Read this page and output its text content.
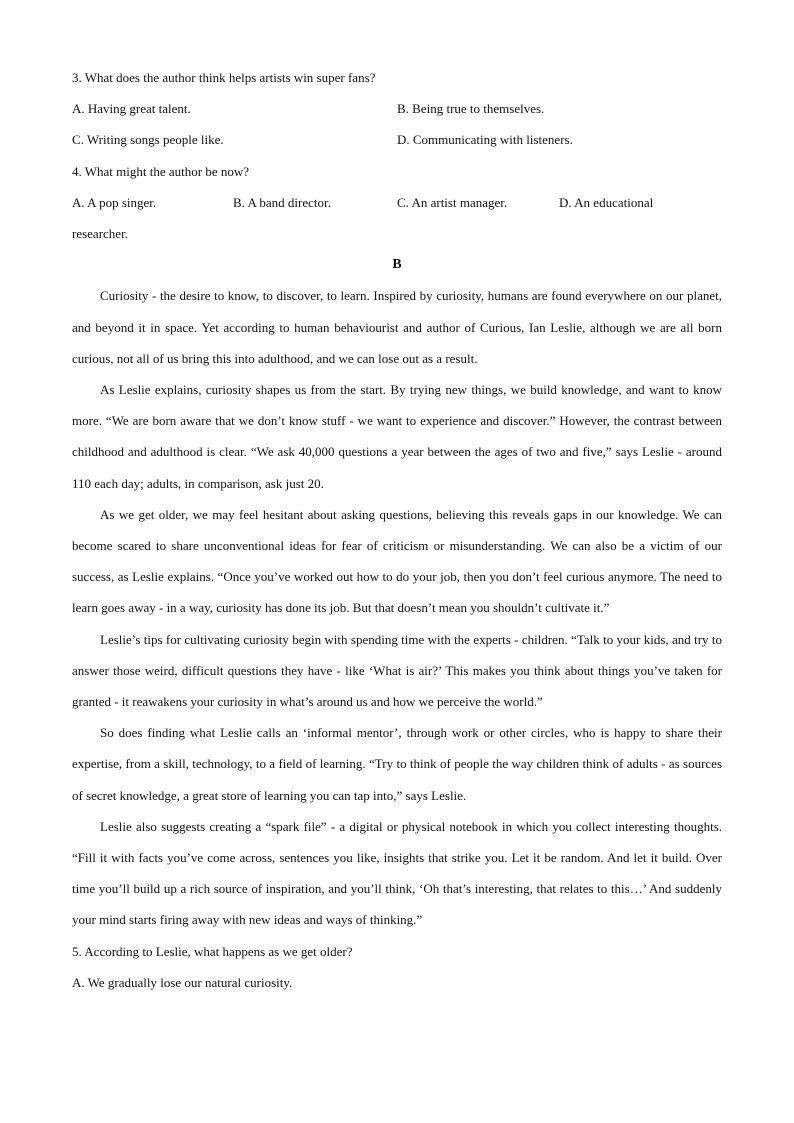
3. What does the author think helps artists win super fans?
A. Having great talent.	B. Being true to themselves.
C. Writing songs people like.	D. Communicating with listeners.
4. What might the author be now?
A. A pop singer.	B. A band director.	C. An artist manager.	D. An educational
researcher.
B

Curiosity - the desire to know, to discover, to learn. Inspired by curiosity, humans are found everywhere on our planet, and beyond it in space. Yet according to human behaviourist and author of Curious, Ian Leslie, although we are all born curious, not all of us bring this into adulthood, and we can lose out as a result.

As Leslie explains, curiosity shapes us from the start. By trying new things, we build knowledge, and want to know more. “We are born aware that we don’t know stuff - we want to experience and discover.” However, the contrast between childhood and adulthood is clear. “We ask 40,000 questions a year between the ages of two and five,” says Leslie - around 110 each day; adults, in comparison, ask just 20.

As we get older, we may feel hesitant about asking questions, believing this reveals gaps in our knowledge. We can become scared to share unconventional ideas for fear of criticism or misunderstanding. We can also be a victim of our success, as Leslie explains. “Once you’ve worked out how to do your job, then you don’t feel curious anymore. The need to learn goes away - in a way, curiosity has done its job. But that doesn’t mean you shouldn’t cultivate it.”

Leslie’s tips for cultivating curiosity begin with spending time with the experts - children. “Talk to your kids, and try to answer those weird, difficult questions they have - like ‘What is air?’ This makes you think about things you’ve taken for granted - it reawakens your curiosity in what’s around us and how we perceive the world.”

So does finding what Leslie calls an ‘informal mentor’, through work or other circles, who is happy to share their expertise, from a skill, technology, to a field of learning. “Try to think of people the way children think of adults - as sources of secret knowledge, a great store of learning you can tap into,” says Leslie.

Leslie also suggests creating a “spark file” - a digital or physical notebook in which you collect interesting thoughts. “Fill it with facts you’ve come across, sentences you like, insights that strike you. Let it be random. And let it build. Over time you’ll build up a rich source of inspiration, and you’ll think, ‘Oh that’s interesting, that relates to this…’ And suddenly your mind starts firing away with new ideas and ways of thinking.”

5. According to Leslie, what happens as we get older?
A. We gradually lose our natural curiosity.
